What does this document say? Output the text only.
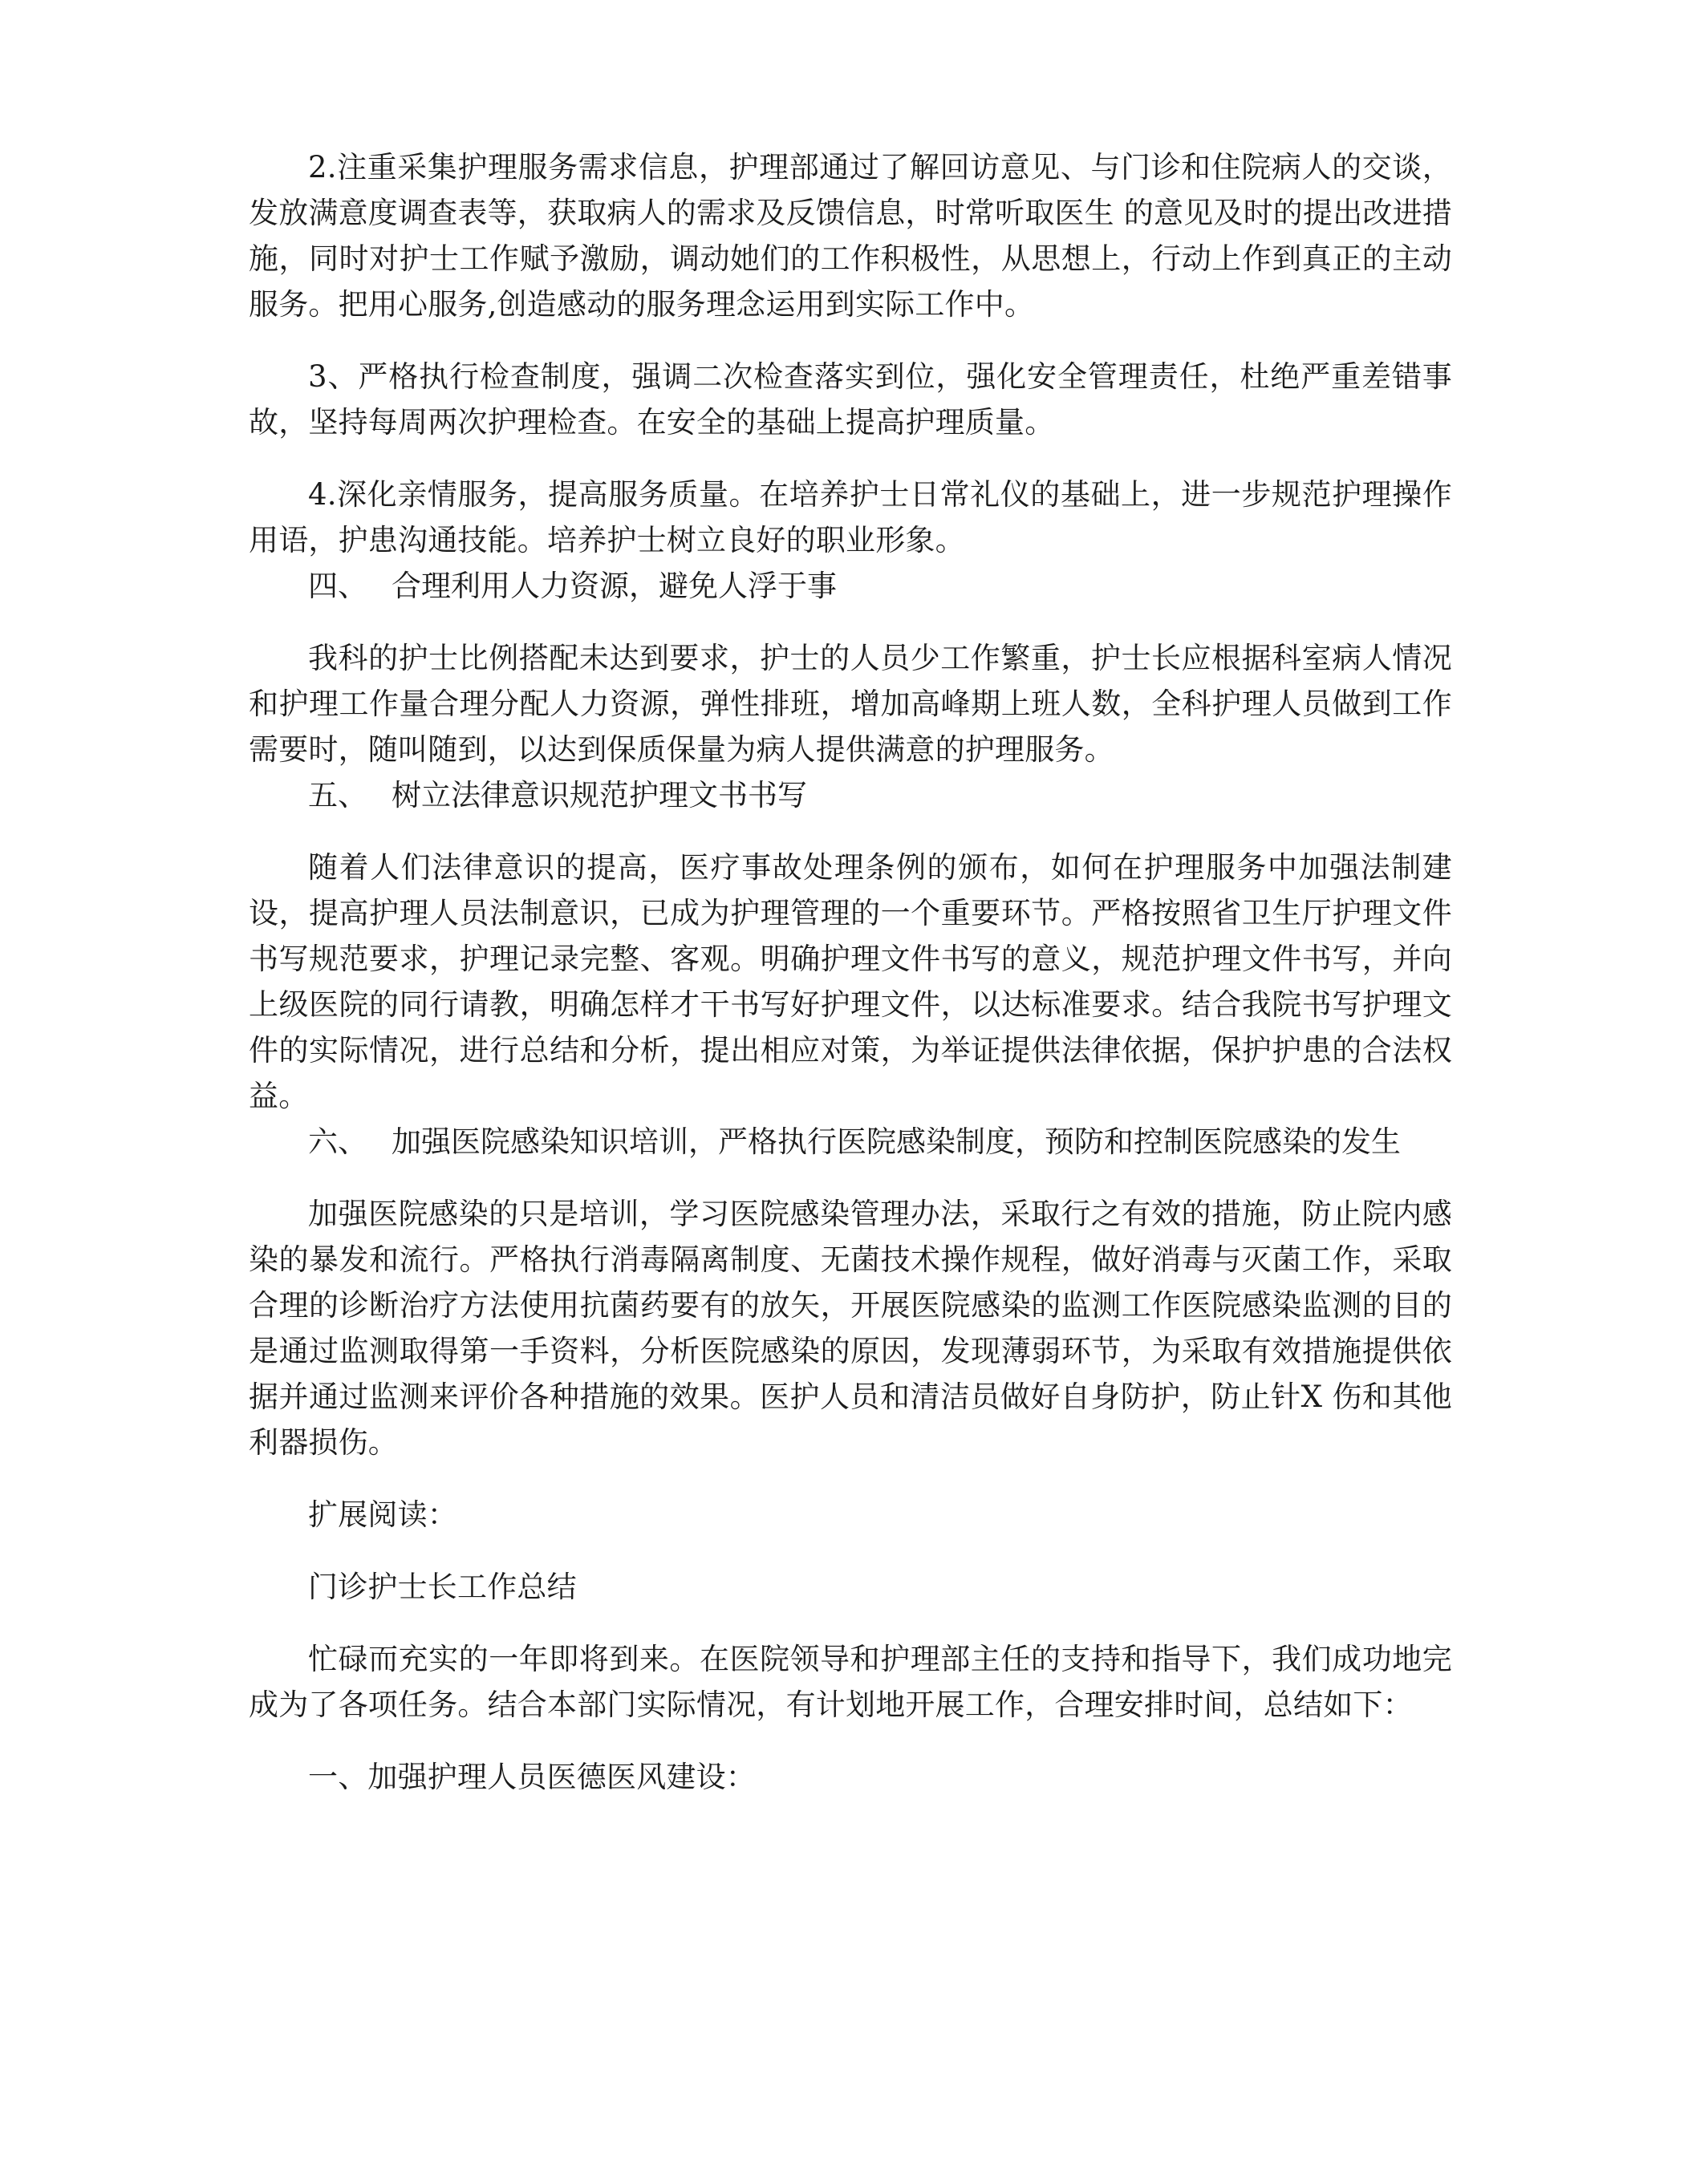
2.注重采集护理服务需求信息，护理部通过了解回访意见、与门诊和住院病人的交谈，发放满意度调查表等，获取病人的需求及反馈信息，时常听取医生 的意见及时的提出改进措施，同时对护士工作赋予激励，调动她们的工作积极性，从思想上，行动上作到真正的主动服务。把用心服务,创造感动的服务理念运用到实际工作中。

3、严格执行检查制度，强调二次检查落实到位，强化安全管理责任，杜绝严重差错事故，坚持每周两次护理检查。在安全的基础上提高护理质量。

4.深化亲情服务，提高服务质量。在培养护士日常礼仪的基础上，进一步规范护理操作用语，护患沟通技能。培养护士树立良好的职业形象。

四、 合理利用人力资源，避免人浮于事

我科的护士比例搭配未达到要求，护士的人员少工作繁重，护士长应根据科室病人情况和护理工作量合理分配人力资源，弹性排班，增加高峰期上班人数，全科护理人员做到工作需要时，随叫随到，以达到保质保量为病人提供满意的护理服务。

五、 树立法律意识规范护理文书书写

随着人们法律意识的提高，医疗事故处理条例的颁布，如何在护理服务中加强法制建设，提高护理人员法制意识，已成为护理管理的一个重要环节。严格按照省卫生厅护理文件书写规范要求，护理记录完整、客观。明确护理文件书写的意义，规范护理文件书写，并向上级医院的同行请教，明确怎样才干书写好护理文件，以达标准要求。结合我院书写护理文件的实际情况，进行总结和分析，提出相应对策，为举证提供法律依据，保护护患的合法权益。

六、 加强医院感染知识培训，严格执行医院感染制度，预防和控制医院感染的发生

加强医院感染的只是培训，学习医院感染管理办法，采取行之有效的措施，防止院内感染的暴发和流行。严格执行消毒隔离制度、无菌技术操作规程，做好消毒与灭菌工作，采取合理的诊断治疗方法使用抗菌药要有的放矢，开展医院感染的监测工作医院感染监测的目的是通过监测取得第一手资料，分析医院感染的原因，发现薄弱环节，为采取有效措施提供依据并通过监测来评价各种措施的效果。医护人员和清洁员做好自身防护，防止针X 伤和其他利器损伤。

扩展阅读：

门诊护士长工作总结

忙碌而充实的一年即将到来。在医院领导和护理部主任的支持和指导下，我们成功地完成为了各项任务。结合本部门实际情况，有计划地开展工作，合理安排时间，总结如下：

一、加强护理人员医德医风建设：
